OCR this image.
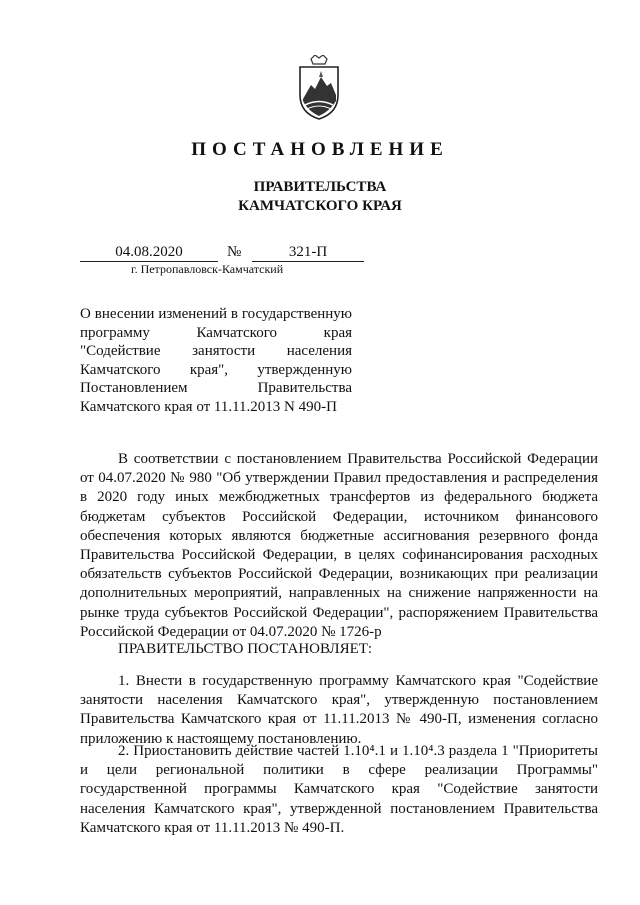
ПОСТАНОВЛЕНИЕ
ПРАВИТЕЛЬСТВА
КАМЧАТСКОГО КРАЯ
04.08.2020	№	321-П
г. Петропавловск-Камчатский
О внесении изменений в государственную
программу Камчатского края
"Содействие занятости населения
Камчатского края", утвержденную
Постановлением Правительства
Камчатского края от 11.11.2013 N 490-П
В соответствии с постановлением Правительства Российской Федерации
от 04.07.2020 № 980 "Об утверждении Правил предоставления и распределения
в 2020 году иных межбюджетных трансфертов из федерального бюджета
бюджетам субъектов Российской Федерации, источником финансового
обеспечения которых являются бюджетные ассигнования резервного фонда
Правительства Российской Федерации, в целях софинансирования расходных
обязательств субъектов Российской Федерации, возникающих при реализации
дополнительных мероприятий, направленных на снижение напряженности на
рынке труда субъектов Российской Федерации", распоряжением Правительства
Российской Федерации от 04.07.2020 № 1726-р
ПРАВИТЕЛЬСТВО ПОСТАНОВЛЯЕТ:
1. Внести в государственную программу Камчатского края "Содействие
занятости населения Камчатского края", утвержденную постановлением
Правительства Камчатского края от 11.11.2013 № 490-П, изменения согласно
приложению к настоящему постановлению.
2. Приостановить действие частей 1.10⁴.1 и 1.10⁴.3 раздела 1 "Приоритеты
и цели региональной политики в сфере реализации Программы"
государственной программы Камчатского края "Содействие занятости
населения Камчатского края", утвержденной постановлением Правительства
Камчатского края от 11.11.2013 № 490-П.
